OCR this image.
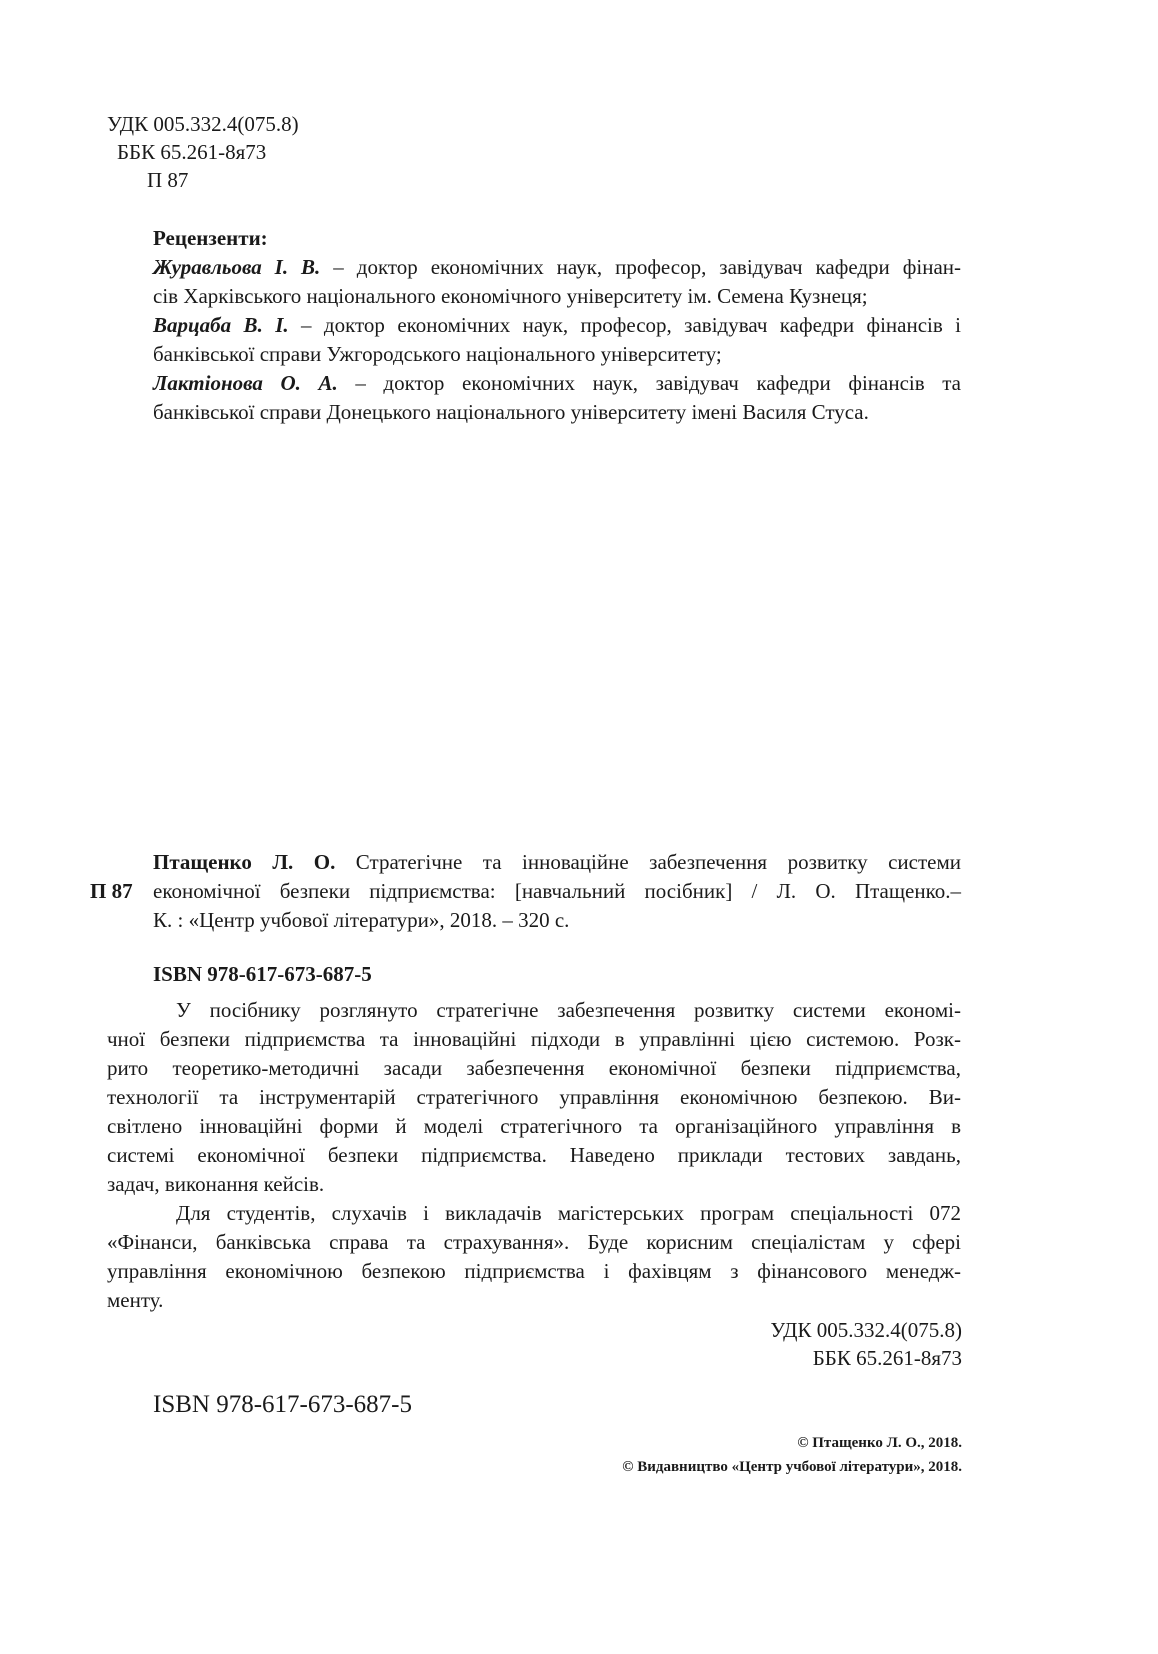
УДК 005.332.4(075.8)
ББК 65.261-8я73
П 87
Рецензенти:
Журавльова І. В. – доктор економічних наук, професор, завідувач кафедри фінан-
сів Харківського національного економічного університету ім. Семена Кузнеця;
Варцаба В. І. – доктор економічних наук, професор, завідувач кафедри фінансів і
банківської справи Ужгородського національного університету;
Лактіонова О. А. – доктор економічних наук, завідувач кафедри фінансів та
банківської справи Донецького національного університету імені Василя Стуса.
П 87
Птащенко Л. О. Стратегічне та інноваційне забезпечення розвитку системи
економічної безпеки підприємства: [навчальний посібник] / Л. О. Птащенко.–
К. : «Центр учбової літератури», 2018. – 320 с.
ISBN 978-617-673-687-5
У посібнику розглянуто стратегічне забезпечення розвитку системи економі-
чної безпеки підприємства та інноваційні підходи в управлінні цією системою. Розк-
рито теоретико-методичні засади забезпечення економічної безпеки підприємства,
технології та інструментарій стратегічного управління економічною безпекою. Ви-
світлено інноваційні форми й моделі стратегічного та організаційного управління в
системі економічної безпеки підприємства. Наведено приклади тестових завдань,
задач, виконання кейсів.
Для студентів, слухачів і викладачів магістерських програм спеціальності 072
«Фінанси, банківська справа та страхування». Буде корисним спеціалістам у сфері
управління економічною безпекою підприємства і фахівцям з фінансового менедж-
менту.
УДК 005.332.4(075.8)
ББК 65.261-8я73
ISBN 978-617-673-687-5
© Птащенко Л. О., 2018.
© Видавництво «Центр учбової літератури», 2018.
